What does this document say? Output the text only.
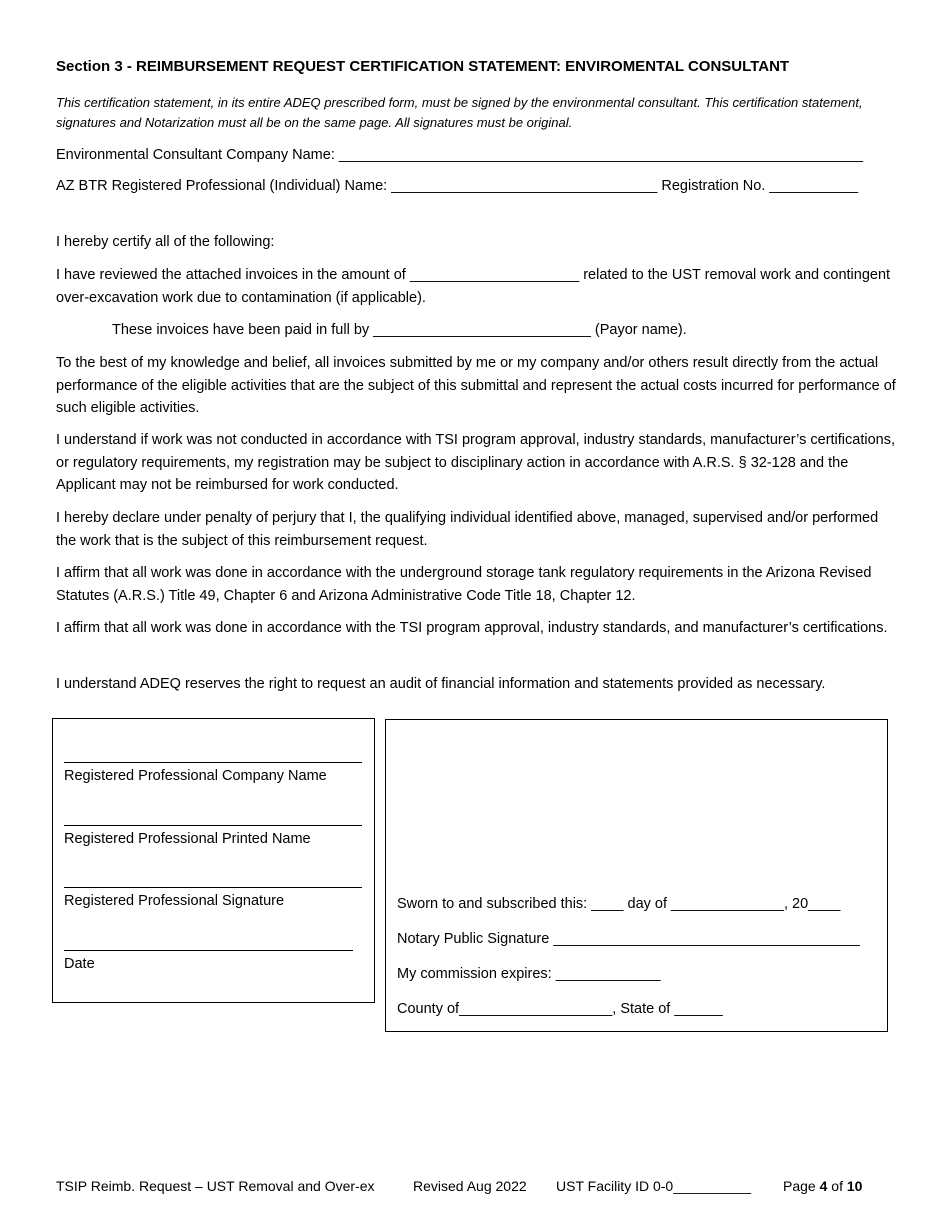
Section 3 - REIMBURSEMENT REQUEST CERTIFICATION STATEMENT: ENVIROMENTAL CONSULTANT
This certification statement, in its entire ADEQ prescribed form, must be signed by the environmental consultant. This certification statement, signatures and Notarization must all be on the same page. All signatures must be original.
Environmental Consultant Company Name: _________________________________________________________________
AZ BTR Registered Professional (Individual) Name: _________________________________ Registration No. ___________
I hereby certify all of the following:
I have reviewed the attached invoices in the amount of _____________________ related to the UST removal work and contingent over-excavation work due to contamination (if applicable).
These invoices have been paid in full by ___________________________ (Payor name).
To the best of my knowledge and belief, all invoices submitted by me or my company and/or others result directly from the actual performance of the eligible activities that are the subject of this submittal and represent the actual costs incurred for performance of such eligible activities.
I understand if work was not conducted in accordance with TSI program approval, industry standards, manufacturer’s certifications, or regulatory requirements, my registration may be subject to disciplinary action in accordance with A.R.S. § 32-128 and the Applicant may not be reimbursed for work conducted.
I hereby declare under penalty of perjury that I, the qualifying individual identified above, managed, supervised and/or performed the work that is the subject of this reimbursement request.
I affirm that all work was done in accordance with the underground storage tank regulatory requirements in the Arizona Revised Statutes (A.R.S.) Title 49, Chapter 6 and Arizona Administrative Code Title 18, Chapter 12.
I affirm that all work was done in accordance with the TSI program approval, industry standards, and manufacturer’s certifications.
I understand ADEQ reserves the right to request an audit of financial information and statements provided as necessary.
Registered Professional Company Name
Registered Professional Printed Name
Registered Professional Signature
Date
Sworn to and subscribed this: ____ day of ______________, 20____
Notary Public Signature ______________________________________
My commission expires: _____________
County of___________________, State of ______
TSIP Reimb. Request – UST Removal and Over-ex	Revised Aug 2022 UST Facility ID 0-0__________ Page 4 of 10
